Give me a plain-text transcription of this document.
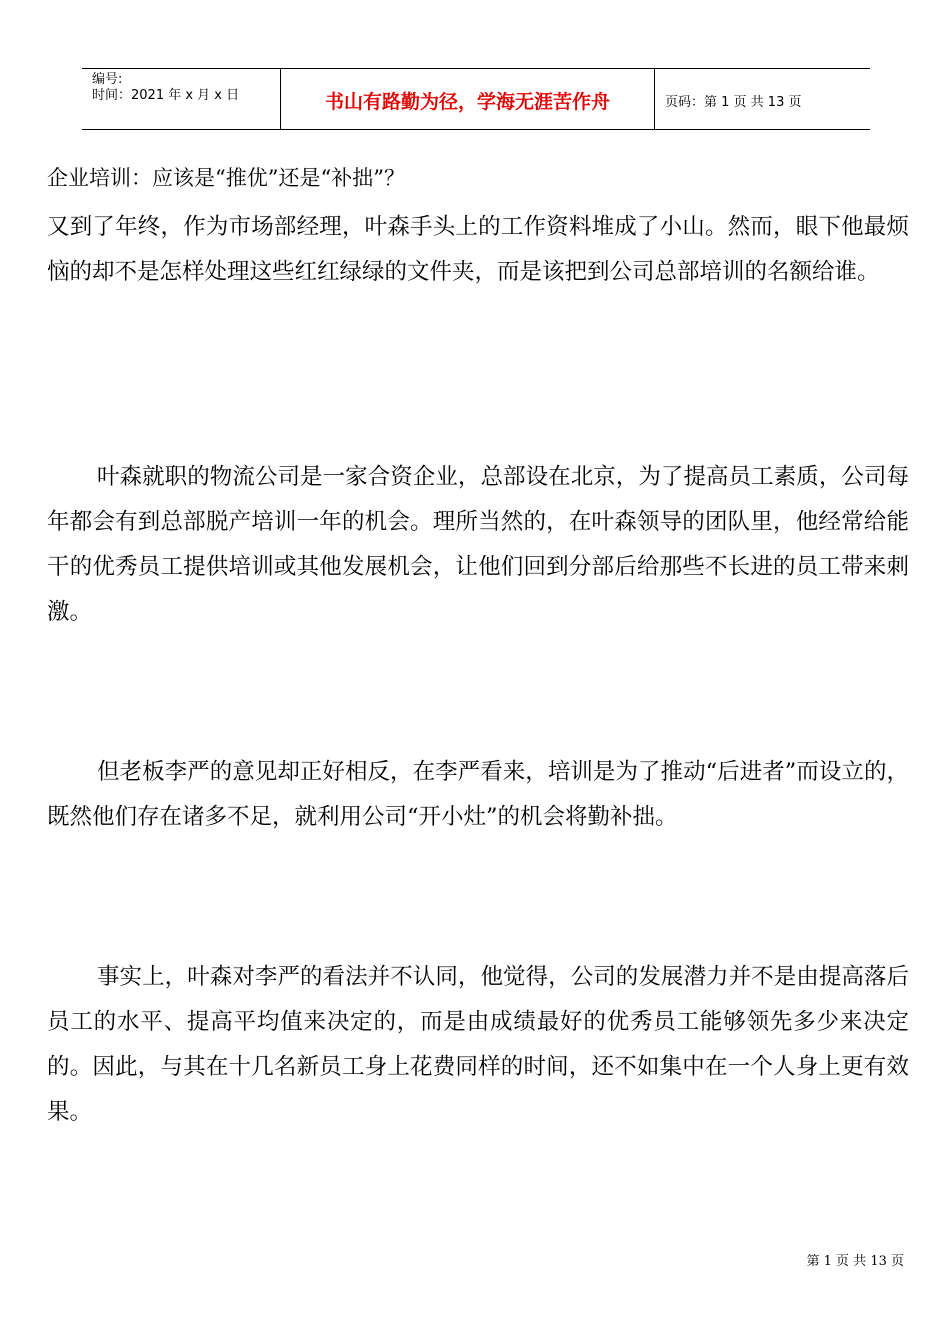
编号:
时间：2021 年 x 月 x 日	书山有路勤为径，学海无涯苦作舟	页码：第 1 页 共 13 页
企业培训：应该是“推优”还是“补拙”？

又到了年终，作为市场部经理，叶森手头上的工作资料堆成了小山。然而，眼下他最烦恼的却不是怎样处理这些红红绿绿的文件夹，而是该把到公司总部培训的名额给谁。

叶森就职的物流公司是一家合资企业，总部设在北京，为了提高员工素质，公司每年都会有到总部脱产培训一年的机会。理所当然的，在叶森领导的团队里，他经常给能干的优秀员工提供培训或其他发展机会，让他们回到分部后给那些不长进的员工带来刺激。

但老板李严的意见却正好相反，在李严看来，培训是为了推动“后进者”而设立的，既然他们存在诸多不足，就利用公司“开小灶”的机会将勤补拙。

事实上，叶森对李严的看法并不认同，他觉得，公司的发展潜力并不是由提高落后员工的水平、提高平均值来决定的，而是由成绩最好的优秀员工能够领先多少来决定的。因此，与其在十几名新员工身上花费同样的时间，还不如集中在一个人身上更有效果。

第 1 页 共 13 页
